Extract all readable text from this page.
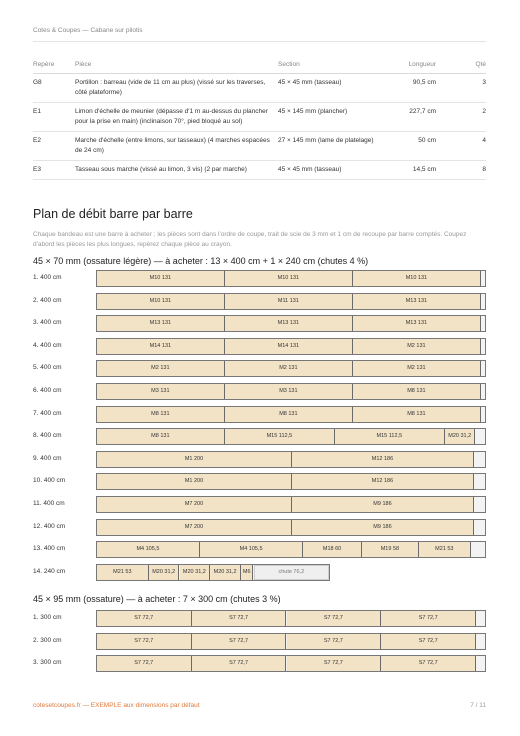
Cotes & Coupes — Cabane sur pilotis
Repère	Pièce	Section	Longueur	Qté
G8	Portillon : barreau (vide de 11 cm au plus) (vissé sur les traverses, côté plateforme)	45 × 45 mm (tasseau)	90,5 cm	3
E1	Limon d'échelle de meunier (dépasse d'1 m au-dessus du plancher pour la prise en main) (inclinaison 70°, pied bloqué au sol)	45 × 145 mm (plancher)	227,7 cm	2
E2	Marche d'échelle (entre limons, sur tasseaux) (4 marches espacées de 24 cm)	27 × 145 mm (lame de platelage)	50 cm	4
E3	Tasseau sous marche (vissé au limon, 3 vis) (2 par marche)	45 × 45 mm (tasseau)	14,5 cm	8
Plan de débit barre par barre
Chaque bandeau est une barre à acheter ; les pièces sont dans l'ordre de coupe, trait de scie de 3 mm et 1 cm de recoupe par barre comptés. Coupez d'abord les pièces les plus longues, repérez chaque pièce au crayon.
45 × 70 mm (ossature légère) — à acheter : 13 × 400 cm + 1 × 240 cm (chutes 4 %)
1. 400 cm	M10 131	M10 131	M10 131
2. 400 cm	M10 131	M11 131	M13 131
3. 400 cm	M13 131	M13 131	M13 131
4. 400 cm	M14 131	M14 131	M2 131
5. 400 cm	M2 131	M2 131	M2 131
6. 400 cm	M3 131	M3 131	M8 131
7. 400 cm	M8 131	M8 131	M8 131
8. 400 cm	M8 131	M15 112,5	M15 112,5	M20 31,2
9. 400 cm	M1 200	M12 186
10. 400 cm	M1 200	M12 186
11. 400 cm	M7 200	M9 186
12. 400 cm	M7 200	M9 186
13. 400 cm	M4 105,5	M4 105,5	M18 60	M19 58	M21 53
14. 240 cm	M21 53	M20 31,2	M20 31,2	M20 31,2	M6	chute 76,2
45 × 95 mm (ossature) — à acheter : 7 × 300 cm (chutes 3 %)
1. 300 cm	S7 72,7	S7 72,7	S7 72,7	S7 72,7
2. 300 cm	S7 72,7	S7 72,7	S7 72,7	S7 72,7
3. 300 cm	S7 72,7	S7 72,7	S7 72,7	S7 72,7
cotesetcoupes.fr — EXEMPLE aux dimensions par défaut	7 / 11
